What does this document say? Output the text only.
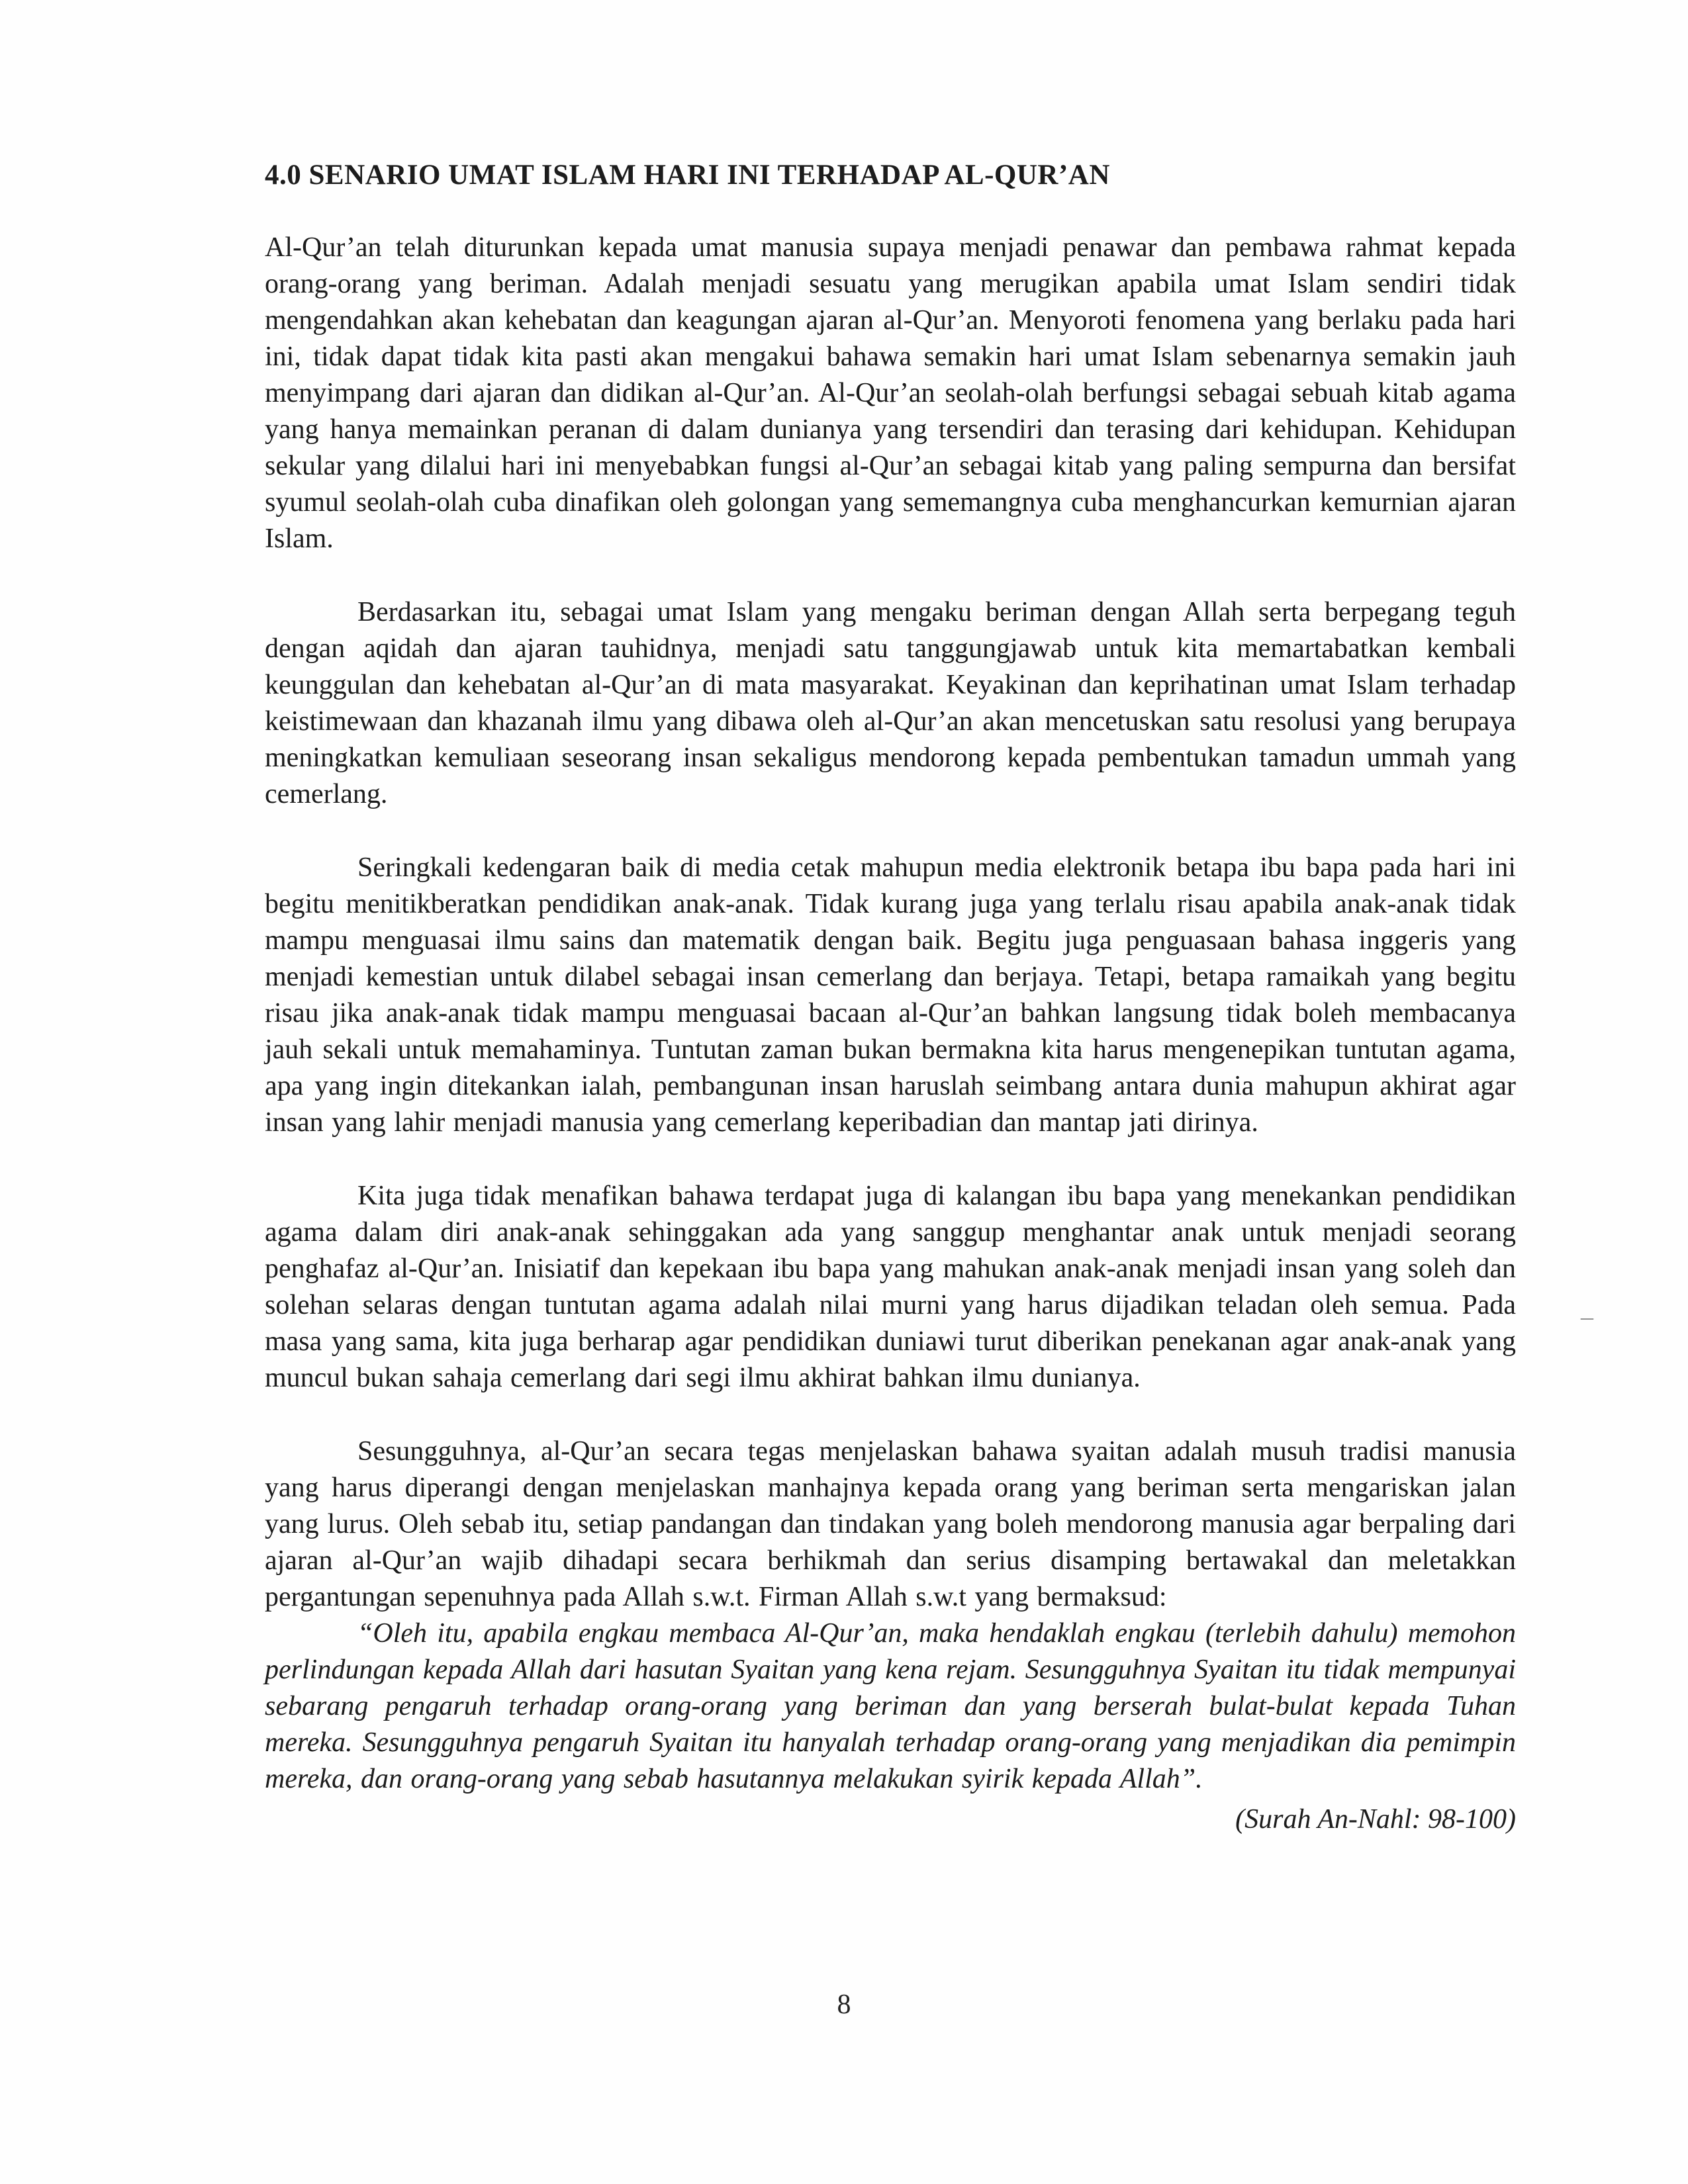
4.0 SENARIO UMAT ISLAM HARI INI TERHADAP AL-QUR’AN

Al-Qur’an telah diturunkan kepada umat manusia supaya menjadi penawar dan pembawa rahmat kepada orang-orang yang beriman. Adalah menjadi sesuatu yang merugikan apabila umat Islam sendiri tidak mengendahkan akan kehebatan dan keagungan ajaran al-Qur’an. Menyoroti fenomena yang berlaku pada hari ini, tidak dapat tidak kita pasti akan mengakui bahawa semakin hari umat Islam sebenarnya semakin jauh menyimpang dari ajaran dan didikan al-Qur’an. Al-Qur’an seolah-olah berfungsi sebagai sebuah kitab agama yang hanya memainkan peranan di dalam dunianya yang tersendiri dan terasing dari kehidupan. Kehidupan sekular yang dilalui hari ini menyebabkan fungsi al-Qur’an sebagai kitab yang paling sempurna dan bersifat syumul seolah-olah cuba dinafikan oleh golongan yang sememangnya cuba menghancurkan kemurnian ajaran Islam.

Berdasarkan itu, sebagai umat Islam yang mengaku beriman dengan Allah serta berpegang teguh dengan aqidah dan ajaran tauhidnya, menjadi satu tanggungjawab untuk kita memartabatkan kembali keunggulan dan kehebatan al-Qur’an di mata masyarakat. Keyakinan dan keprihatinan umat Islam terhadap keistimewaan dan khazanah ilmu yang dibawa oleh al-Qur’an akan mencetuskan satu resolusi yang berupaya meningkatkan kemuliaan seseorang insan sekaligus mendorong kepada pembentukan tamadun ummah yang cemerlang.

Seringkali kedengaran baik di media cetak mahupun media elektronik betapa ibu bapa pada hari ini begitu menitikberatkan pendidikan anak-anak. Tidak kurang juga yang terlalu risau apabila anak-anak tidak mampu menguasai ilmu sains dan matematik dengan baik. Begitu juga penguasaan bahasa inggeris yang menjadi kemestian untuk dilabel sebagai insan cemerlang dan berjaya. Tetapi, betapa ramaikah yang begitu risau jika anak-anak tidak mampu menguasai bacaan al-Qur’an bahkan langsung tidak boleh membacanya jauh sekali untuk memahaminya. Tuntutan zaman bukan bermakna kita harus mengenepikan tuntutan agama, apa yang ingin ditekankan ialah, pembangunan insan haruslah seimbang antara dunia mahupun akhirat agar insan yang lahir menjadi manusia yang cemerlang keperibadian dan mantap jati dirinya.

Kita juga tidak menafikan bahawa terdapat juga di kalangan ibu bapa yang menekankan pendidikan agama dalam diri anak-anak sehinggakan ada yang sanggup menghantar anak untuk menjadi seorang penghafaz al-Qur’an. Inisiatif dan kepekaan ibu bapa yang mahukan anak-anak menjadi insan yang soleh dan solehan selaras dengan tuntutan agama adalah nilai murni yang harus dijadikan teladan oleh semua. Pada masa yang sama, kita juga berharap agar pendidikan duniawi turut diberikan penekanan agar anak-anak yang muncul bukan sahaja cemerlang dari segi ilmu akhirat bahkan ilmu dunianya.

Sesungguhnya, al-Qur’an secara tegas menjelaskan bahawa syaitan adalah musuh tradisi manusia yang harus diperangi dengan menjelaskan manhajnya kepada orang yang beriman serta mengariskan jalan yang lurus. Oleh sebab itu, setiap pandangan dan tindakan yang boleh mendorong manusia agar berpaling dari ajaran al-Qur’an wajib dihadapi secara berhikmah dan serius disamping bertawakal dan meletakkan pergantungan sepenuhnya pada Allah s.w.t. Firman Allah s.w.t yang bermaksud:

“Oleh itu, apabila engkau membaca Al-Qur’an, maka hendaklah engkau (terlebih dahulu) memohon perlindungan kepada Allah dari hasutan Syaitan yang kena rejam. Sesungguhnya Syaitan itu tidak mempunyai sebarang pengaruh terhadap orang-orang yang beriman dan yang berserah bulat-bulat kepada Tuhan mereka. Sesungguhnya pengaruh Syaitan itu hanyalah terhadap orang-orang yang menjadikan dia pemimpin mereka, dan orang-orang yang sebab hasutannya melakukan syirik kepada Allah”.

(Surah An-Nahl: 98-100)

–
8
